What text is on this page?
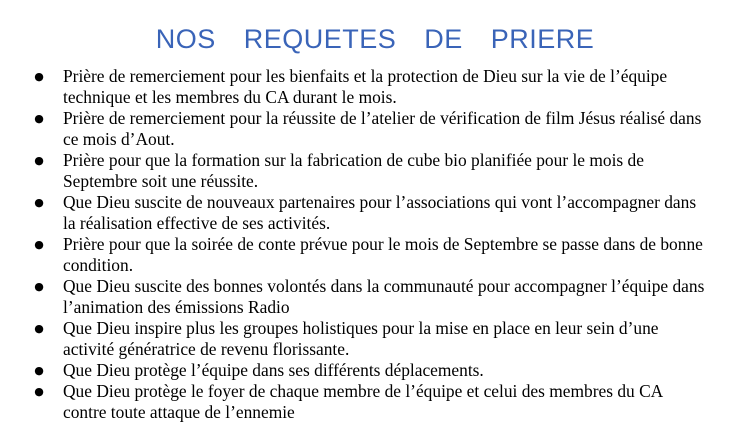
NOS  REQUETES  DE  PRIERE
● Prière de remerciement pour les bienfaits et la protection de Dieu sur la vie de l’équipe technique et les membres du CA durant le mois.
● Prière de remerciement pour la réussite de l’atelier de vérification de film Jésus réalisé dans ce mois d’Aout.
● Prière pour que la formation sur la fabrication de cube bio planifiée pour le mois de Septembre soit une réussite.
● Que Dieu suscite de nouveaux partenaires pour l’associations qui vont l’accompagner dans la réalisation effective de ses activités.
● Prière pour que la soirée de conte prévue pour le mois de Septembre se passe dans de bonne condition.
● Que Dieu suscite des bonnes volontés dans la communauté pour accompagner l’équipe dans l’animation des émissions Radio
● Que Dieu inspire plus les groupes holistiques pour la mise en place en leur sein d’une activité génératrice de revenu florissante.
● Que Dieu protège l’équipe dans ses différents déplacements.
● Que Dieu protège le foyer de chaque membre de l’équipe et celui des membres du CA contre toute attaque de l’ennemie
